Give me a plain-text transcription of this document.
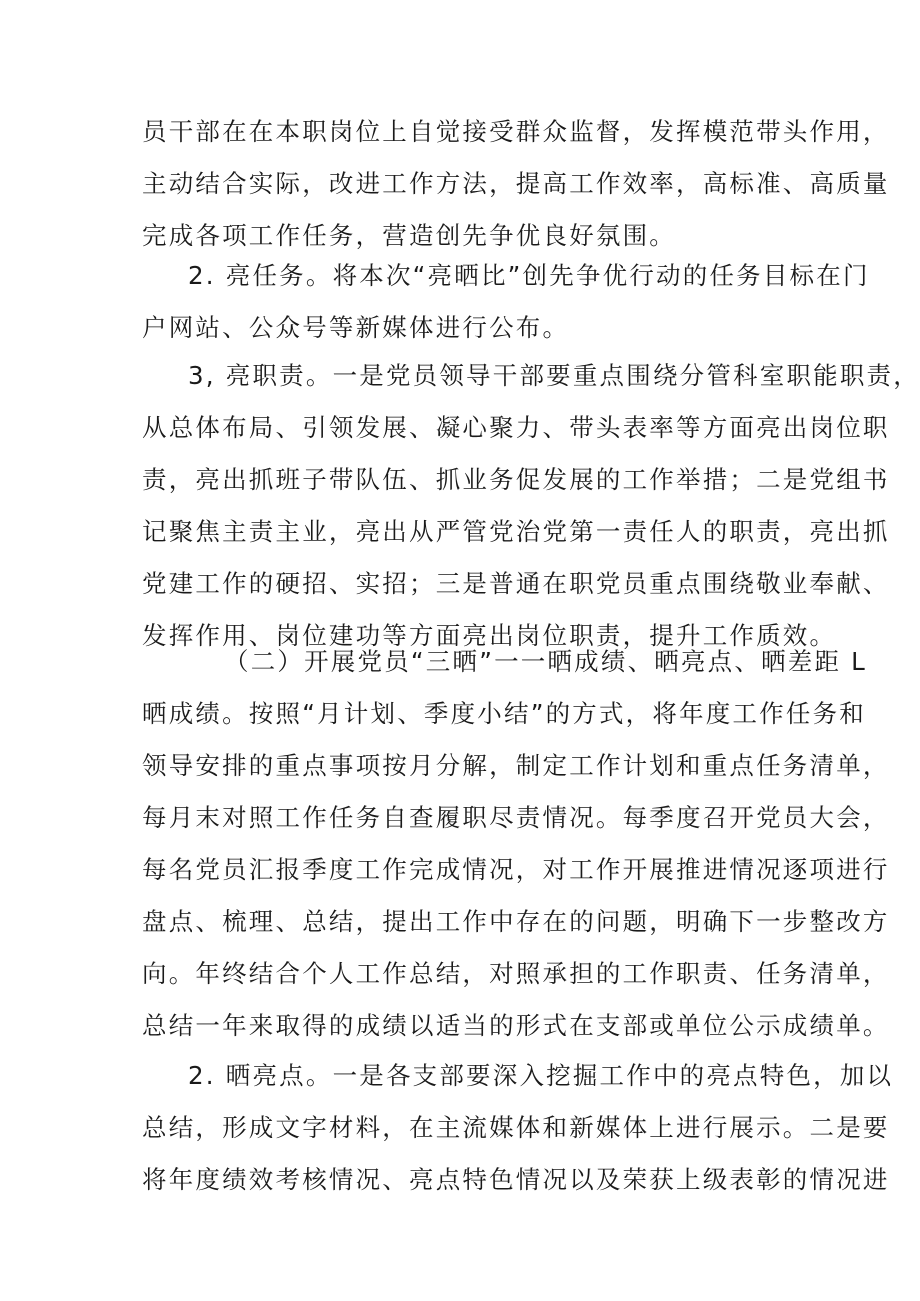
员干部在在本职岗位上自觉接受群众监督，发挥模范带头作用，
主动结合实际，改进工作方法，提高工作效率，高标准、高质量
完成各项工作任务，营造创先争优良好氛围。
2. 亮任务。将本次“亮晒比”创先争优行动的任务目标在门
户网站、公众号等新媒体进行公布。
3, 亮职责。一是党员领导干部要重点围绕分管科室职能职责，
从总体布局、引领发展、凝心聚力、带头表率等方面亮出岗位职
责，亮出抓班子带队伍、抓业务促发展的工作举措；二是党组书
记聚焦主责主业，亮出从严管党治党第一责任人的职责，亮出抓
党建工作的硬招、实招；三是普通在职党员重点围绕敬业奉献、
发挥作用、岗位建功等方面亮出岗位职责，提升工作质效。
（二）开展党员“三晒”一一晒成绩、晒亮点、晒差距 L
晒成绩。按照“月计划、季度小结”的方式，将年度工作任务和
领导安排的重点事项按月分解，制定工作计划和重点任务清单，
每月末对照工作任务自查履职尽责情况。每季度召开党员大会，
每名党员汇报季度工作完成情况，对工作开展推进情况逐项进行
盘点、梳理、总结，提出工作中存在的问题，明确下一步整改方
向。年终结合个人工作总结，对照承担的工作职责、任务清单，
总结一年来取得的成绩以适当的形式在支部或单位公示成绩单。
2. 晒亮点。一是各支部要深入挖掘工作中的亮点特色，加以
总结，形成文字材料，在主流媒体和新媒体上进行展示。二是要
将年度绩效考核情况、亮点特色情况以及荣获上级表彰的情况进
